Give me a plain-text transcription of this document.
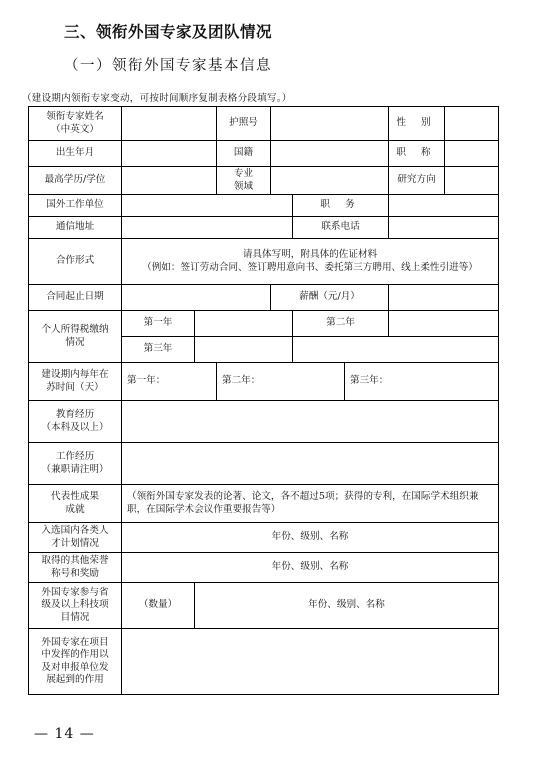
三、领衔外国专家及团队情况
（一）领衔外国专家基本信息
（建设期内领衔专家变动，可按时间顺序复制表格分段填写。）
领衔专家姓名
（中英文）			护照号				性 别	
出生年月			国籍				职 称	
最高学历/学位			专业
领域				研究方向	
国外工作单位					职 务			
通信地址					联系电话			
合作形式	请具体写明，附具体的佐证材料
（例如：签订劳动合同、签订聘用意向书、委托第三方聘用、线上柔性引进等）							
合同起止日期				薪酬（元/月）				
个人所得税缴纳
情况	第一年				第二年			
	第三年							
建设期内每年在
苏时间（天）	第一年：		第二年：			第三年：		
教育经历
（本科及以上）								
工作经历
（兼职请注明）								
代表性成果
成就	（领衔外国专家发表的论著、论文，各不超过5项；获得的专利，在国际学术组织兼职，在国际学术会议作重要报告等）							
入选国内各类人
才计划情况	年份、级别、名称							
取得的其他荣誉
称号和奖励	年份、级别、名称							
外国专家参与省
级及以上科技项
目情况	（数量）	年份、级别、名称						
外国专家在项目
中发挥的作用以
及对申报单位发
展起到的作用								
— 14 —
